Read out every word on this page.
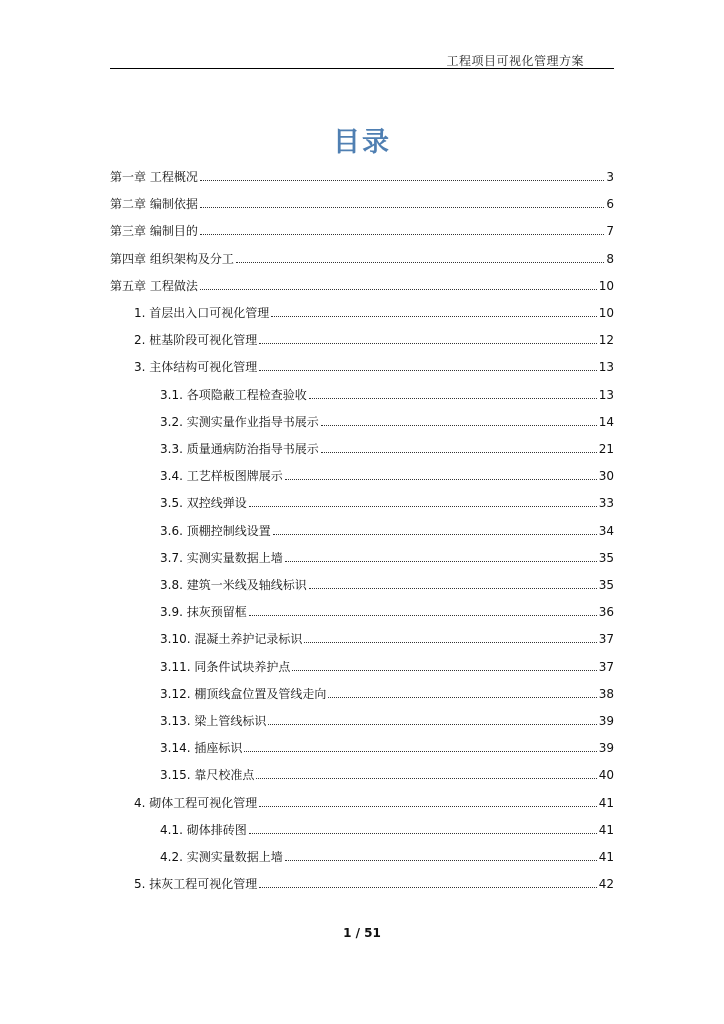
工程项目可视化管理方案
目录
第一章 工程概况	3
第二章 编制依据	6
第三章 编制目的	7
第四章 组织架构及分工	8
第五章 工程做法	10
1. 首层出入口可视化管理	10
2. 桩基阶段可视化管理	12
3. 主体结构可视化管理	13
3.1. 各项隐蔽工程检查验收	13
3.2. 实测实量作业指导书展示	14
3.3. 质量通病防治指导书展示	21
3.4. 工艺样板图牌展示	30
3.5. 双控线弹设	33
3.6. 顶棚控制线设置	34
3.7. 实测实量数据上墙	35
3.8. 建筑一米线及轴线标识	35
3.9. 抹灰预留框	36
3.10. 混凝土养护记录标识	37
3.11. 同条件试块养护点	37
3.12. 棚顶线盒位置及管线走向	38
3.13. 梁上管线标识	39
3.14. 插座标识	39
3.15. 靠尺校准点	40
4. 砌体工程可视化管理	41
4.1. 砌体排砖图	41
4.2. 实测实量数据上墙	41
5. 抹灰工程可视化管理	42
1 / 51
